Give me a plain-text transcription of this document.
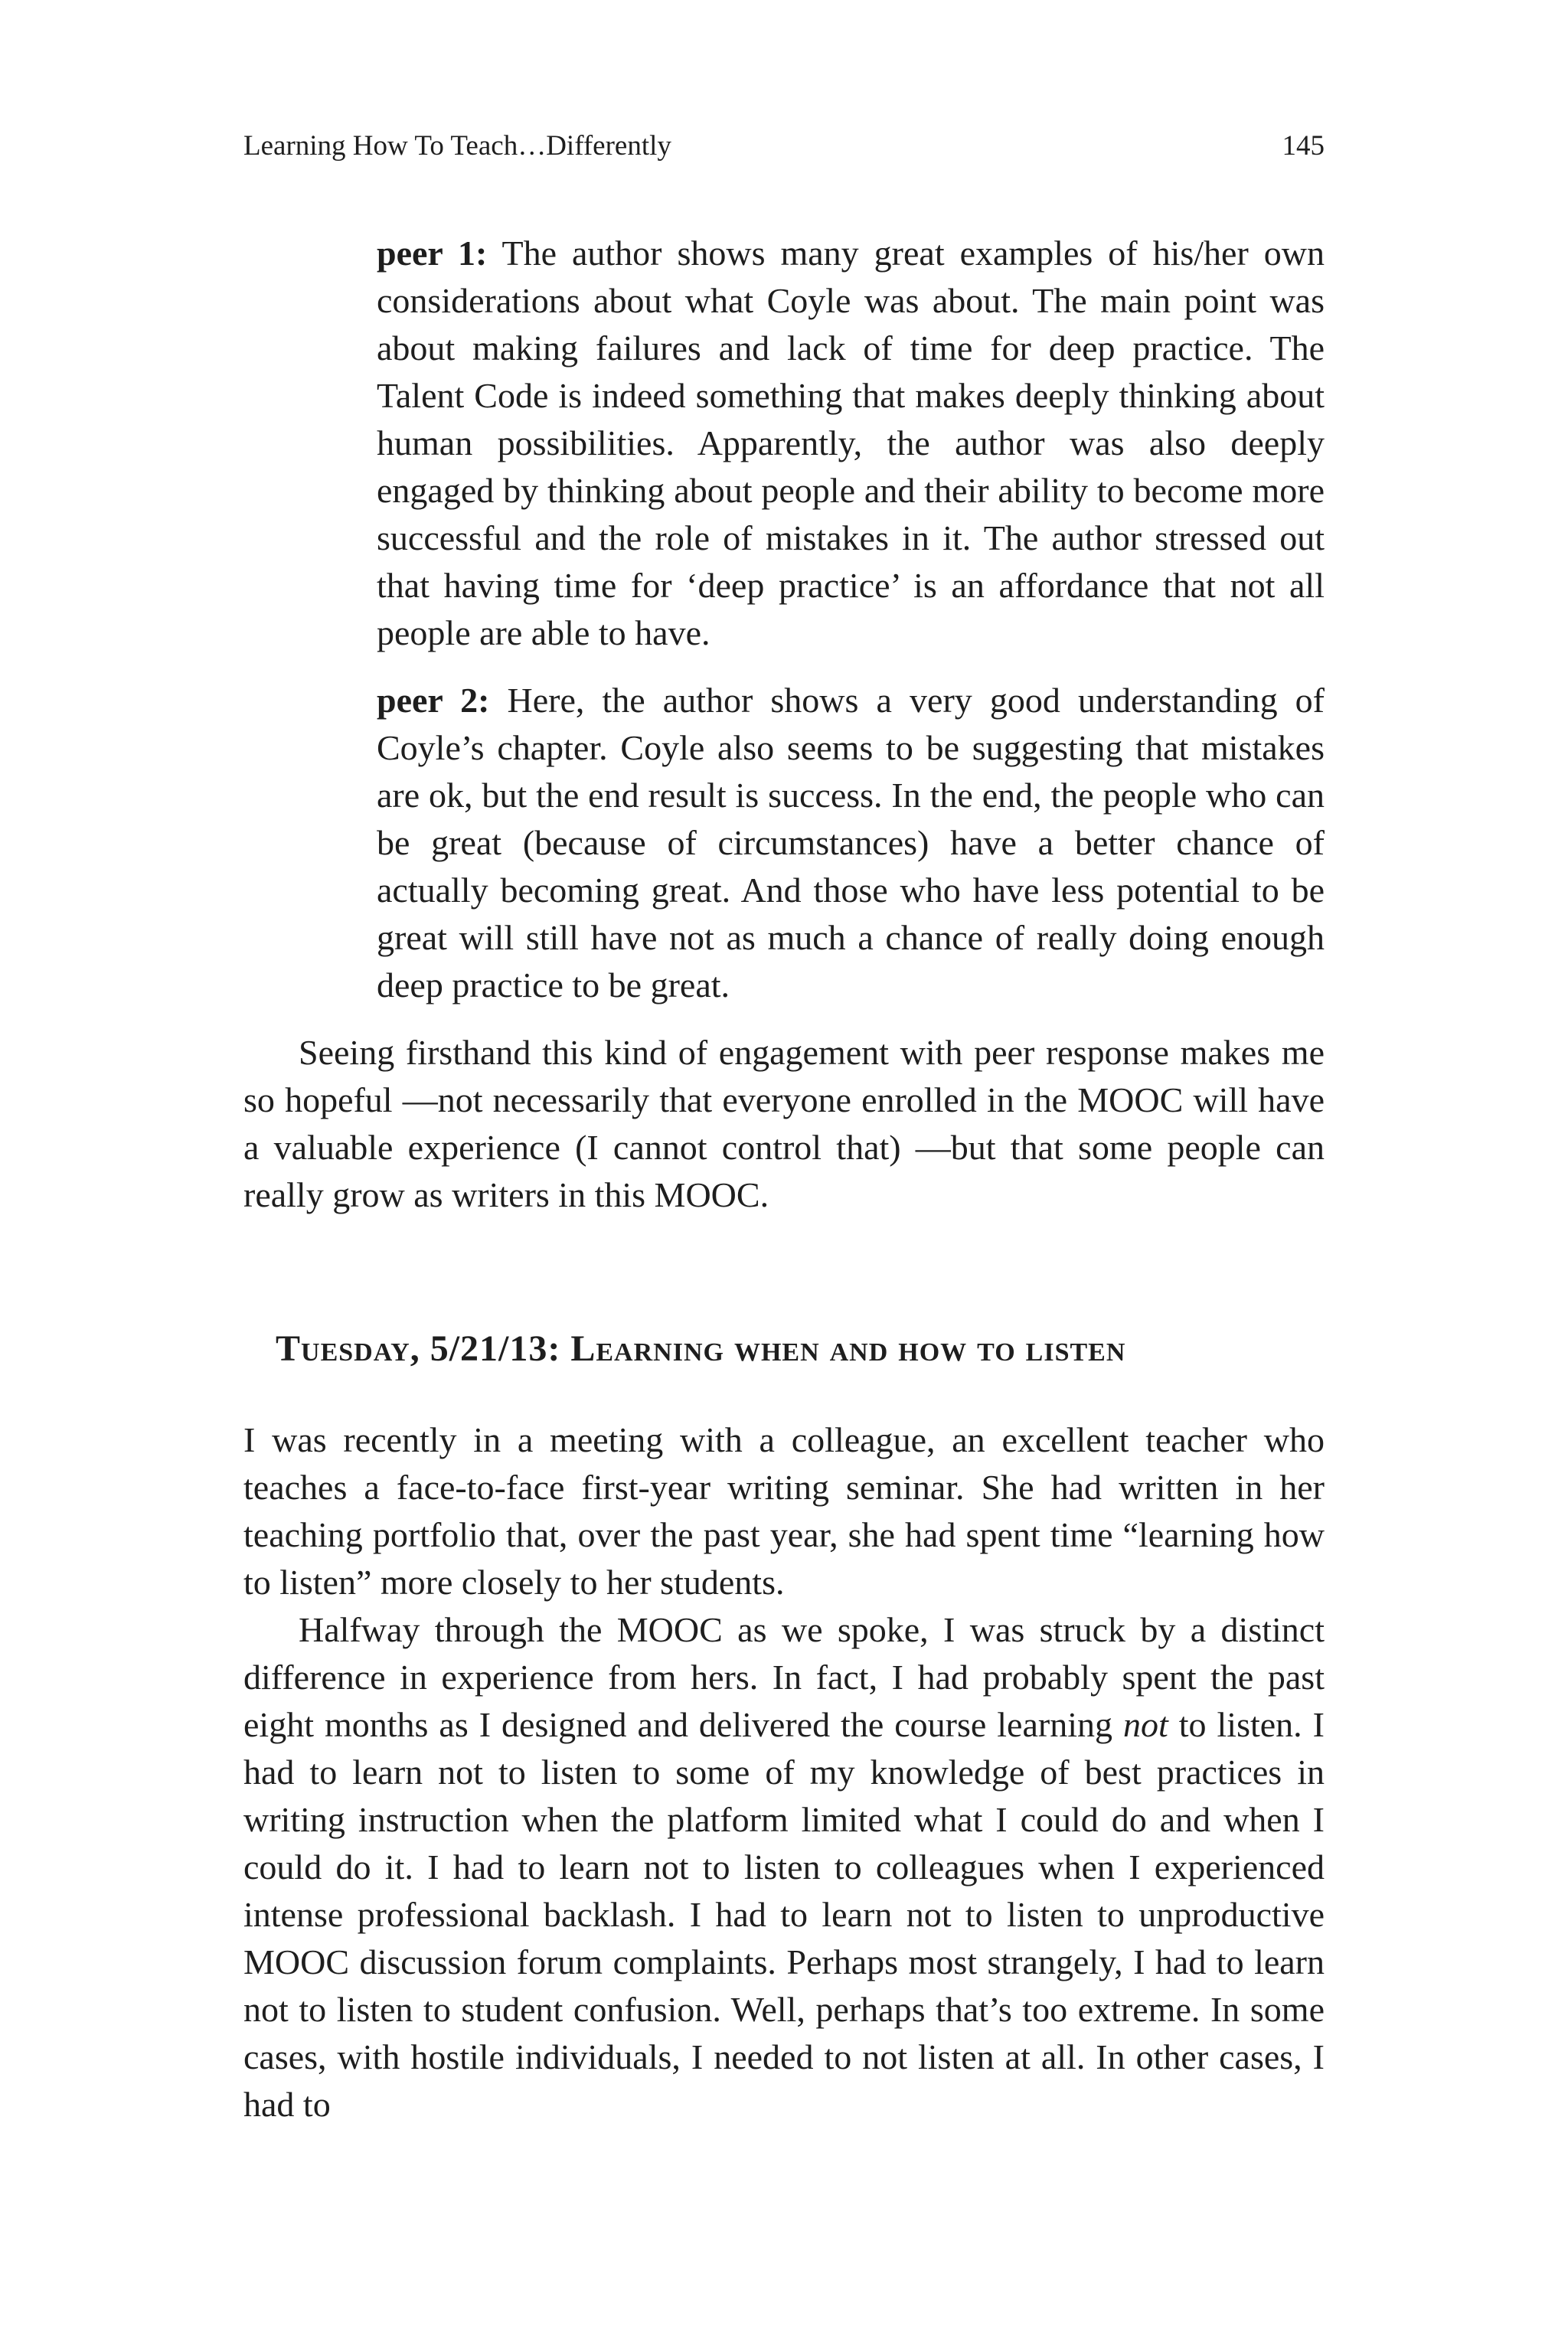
Learning How To Teach…Differently	145

peer 1: The author shows many great examples of his/her own considerations about what Coyle was about. The main point was about making failures and lack of time for deep practice. The Talent Code is indeed something that makes deeply thinking about human possibilities. Apparently, the author was also deeply engaged by thinking about people and their ability to become more successful and the role of mistakes in it. The author stressed out that having time for ‘deep practice’ is an affordance that not all people are able to have.

peer 2: Here, the author shows a very good understanding of Coyle’s chapter. Coyle also seems to be suggesting that mistakes are ok, but the end result is success. In the end, the people who can be great (because of circumstances) have a better chance of actually becoming great. And those who have less potential to be great will still have not as much a chance of really doing enough deep practice to be great.

Seeing firsthand this kind of engagement with peer response makes me so hopeful —not necessarily that everyone enrolled in the MOOC will have a valuable experience (I cannot control that) —but that some people can really grow as writers in this MOOC.

Tuesday, 5/21/13: Learning when and how to listen

I was recently in a meeting with a colleague, an excellent teacher who teaches a face-to-face first-year writing seminar. She had written in her teaching portfolio that, over the past year, she had spent time “learning how to listen” more closely to her students.

Halfway through the MOOC as we spoke, I was struck by a distinct difference in experience from hers. In fact, I had probably spent the past eight months as I designed and delivered the course learning not to listen. I had to learn not to listen to some of my knowledge of best practices in writing instruction when the platform limited what I could do and when I could do it. I had to learn not to listen to colleagues when I experienced intense professional backlash. I had to learn not to listen to unproductive MOOC discussion forum complaints. Perhaps most strangely, I had to learn not to listen to student confusion. Well, perhaps that’s too extreme. In some cases, with hostile individuals, I needed to not listen at all. In other cases, I had to
